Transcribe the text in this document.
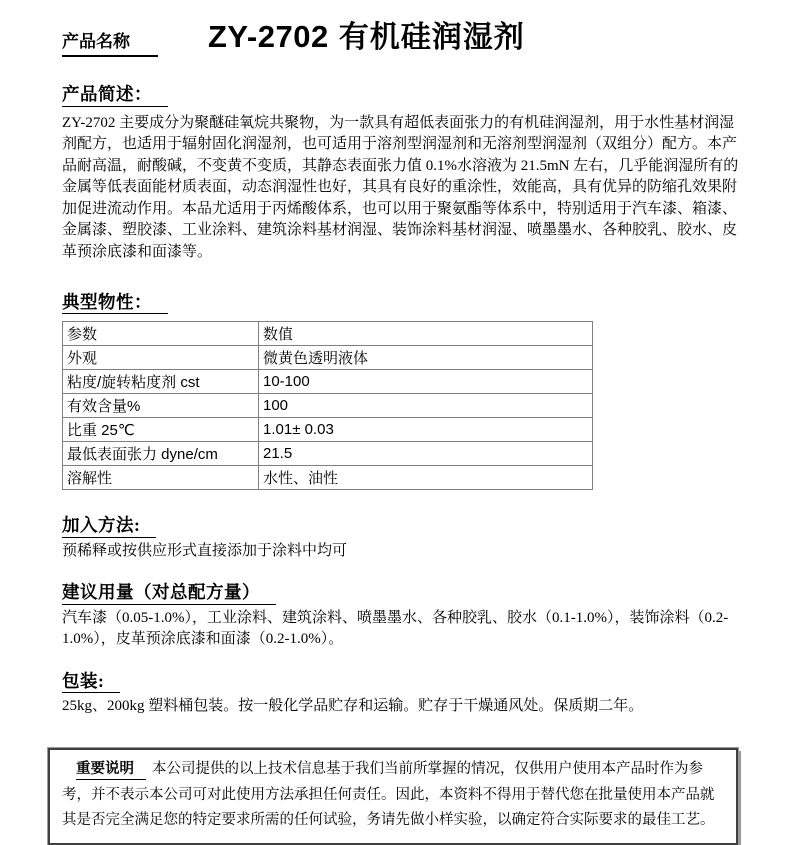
产品名称	ZY-2702 有机硅润湿剂
产品简述：

ZY-2702 主要成分为聚醚硅氧烷共聚物，为一款具有超低表面张力的有机硅润湿剂，用于水性基材润湿剂配方，也适用于辐射固化润湿剂，也可适用于溶剂型润湿剂和无溶剂型润湿剂（双组分）配方。本产品耐高温，耐酸碱，不变黄不变质，其静态表面张力值 0.1%水溶液为 21.5mN 左右，几乎能润湿所有的金属等低表面能材质表面，动态润湿性也好，其具有良好的重涂性，效能高，具有优异的防缩孔效果附加促进流动作用。本品尤适用于丙烯酸体系，也可以用于聚氨酯等体系中，特别适用于汽车漆、箱漆、金属漆、塑胶漆、工业涂料、建筑涂料基材润湿、装饰涂料基材润湿、喷墨墨水、各种胶乳、胶水、皮革预涂底漆和面漆等。

典型物性：
参数	数值
外观	微黄色透明液体
粘度/旋转粘度剂 cst	10-100
有效含量%	100
比重 25℃	1.01± 0.03
最低表面张力 dyne/cm	21.5
溶解性	水性、油性
加入方法:

预稀释或按供应形式直接添加于涂料中均可

建议用量（对总配方量）

汽车漆（0.05-1.0%），工业涂料、建筑涂料、喷墨墨水、各种胶乳、胶水（0.1-1.0%），装饰涂料（0.2-1.0%），皮革预涂底漆和面漆（0.2-1.0%）。

包装:

25kg、200kg 塑料桶包装。按一般化学品贮存和运输。贮存于干燥通风处。保质期二年。

重要说明 本公司提供的以上技术信息基于我们当前所掌握的情况，仅供用户使用本产品时作为参考，并不表示本公司可对此使用方法承担任何责任。因此，本资料不得用于替代您在批量使用本产品就其是否完全满足您的特定要求所需的任何试验，务请先做小样实验，以确定符合实际要求的最佳工艺。
